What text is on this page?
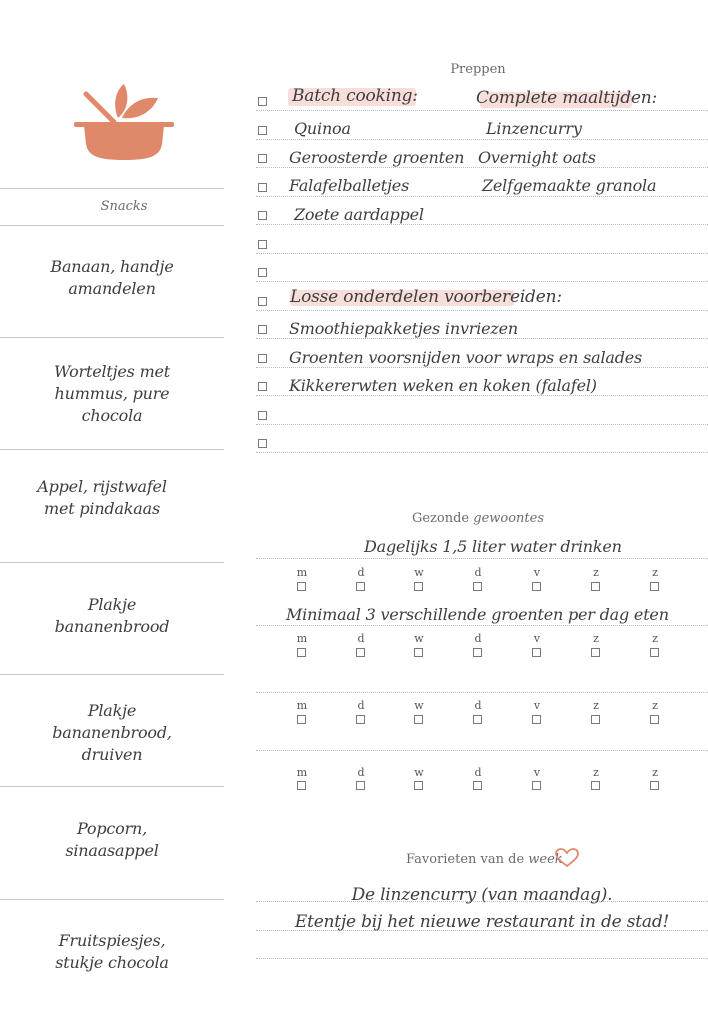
Snacks
Banaan, handje
amandelen
Worteltjes met
hummus, pure
chocola
Appel, rijstwafel
met pindakaas
Plakje
bananenbrood
Plakje
bananenbrood,
druiven
Popcorn,
sinaasappel
Fruitspiesjes,
stukje chocola
Preppen
Batch cooking:
Quinoa
Geroosterde groenten
Falafelballetjes
Zoete aardappel
Complete maaltijden:
Linzencurry
Overnight oats
Zelfgemaakte granola
Losse onderdelen voorbereiden:
Smoothiepakketjes invriezen
Groenten voorsnijden voor wraps en salades
Kikkererwten weken en koken (falafel)
Gezonde gewoontes
Dagelijks 1,5 liter water drinken
m	d	w	d	v	z	z
Minimaal 3 verschillende groenten per dag eten
m	d	w	d	v	z	z
m	d	w	d	v	z	z
m	d	w	d	v	z	z
Favorieten van de week
De linzencurry (van maandag).
Etentje bij het nieuwe restaurant in de stad!
